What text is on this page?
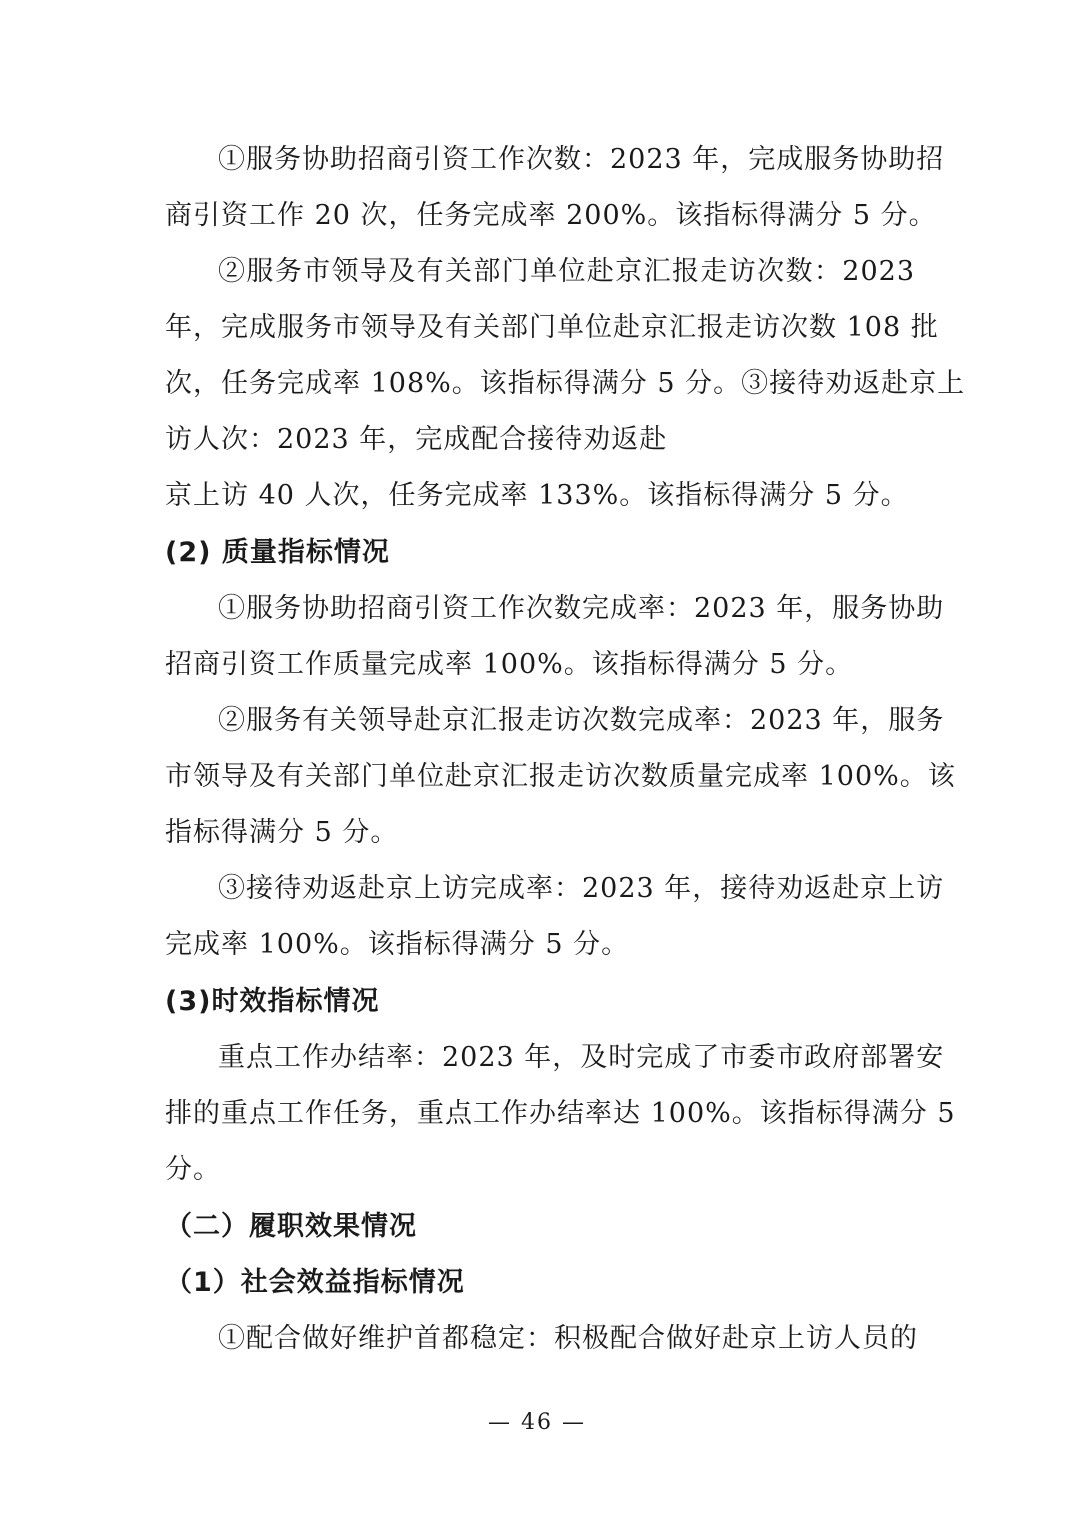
①服务协助招商引资工作次数：2023 年，完成服务协助招
商引资工作 20 次，任务完成率 200%。该指标得满分 5 分。
②服务市领导及有关部门单位赴京汇报走访次数：2023
年，完成服务市领导及有关部门单位赴京汇报走访次数 108 批
次，任务完成率 108%。该指标得满分 5 分。③接待劝返赴京上
访人次：2023 年，完成配合接待劝返赴
京上访 40 人次，任务完成率 133%。该指标得满分 5 分。
(2) 质量指标情况
①服务协助招商引资工作次数完成率：2023 年，服务协助
招商引资工作质量完成率 100%。该指标得满分 5 分。
②服务有关领导赴京汇报走访次数完成率：2023 年，服务
市领导及有关部门单位赴京汇报走访次数质量完成率 100%。该
指标得满分 5 分。
③接待劝返赴京上访完成率：2023 年，接待劝返赴京上访
完成率 100%。该指标得满分 5 分。
(3)时效指标情况
重点工作办结率：2023 年，及时完成了市委市政府部署安
排的重点工作任务，重点工作办结率达 100%。该指标得满分 5
分。
（二）履职效果情况
（1）社会效益指标情况
①配合做好维护首都稳定：积极配合做好赴京上访人员的
— 46 —
